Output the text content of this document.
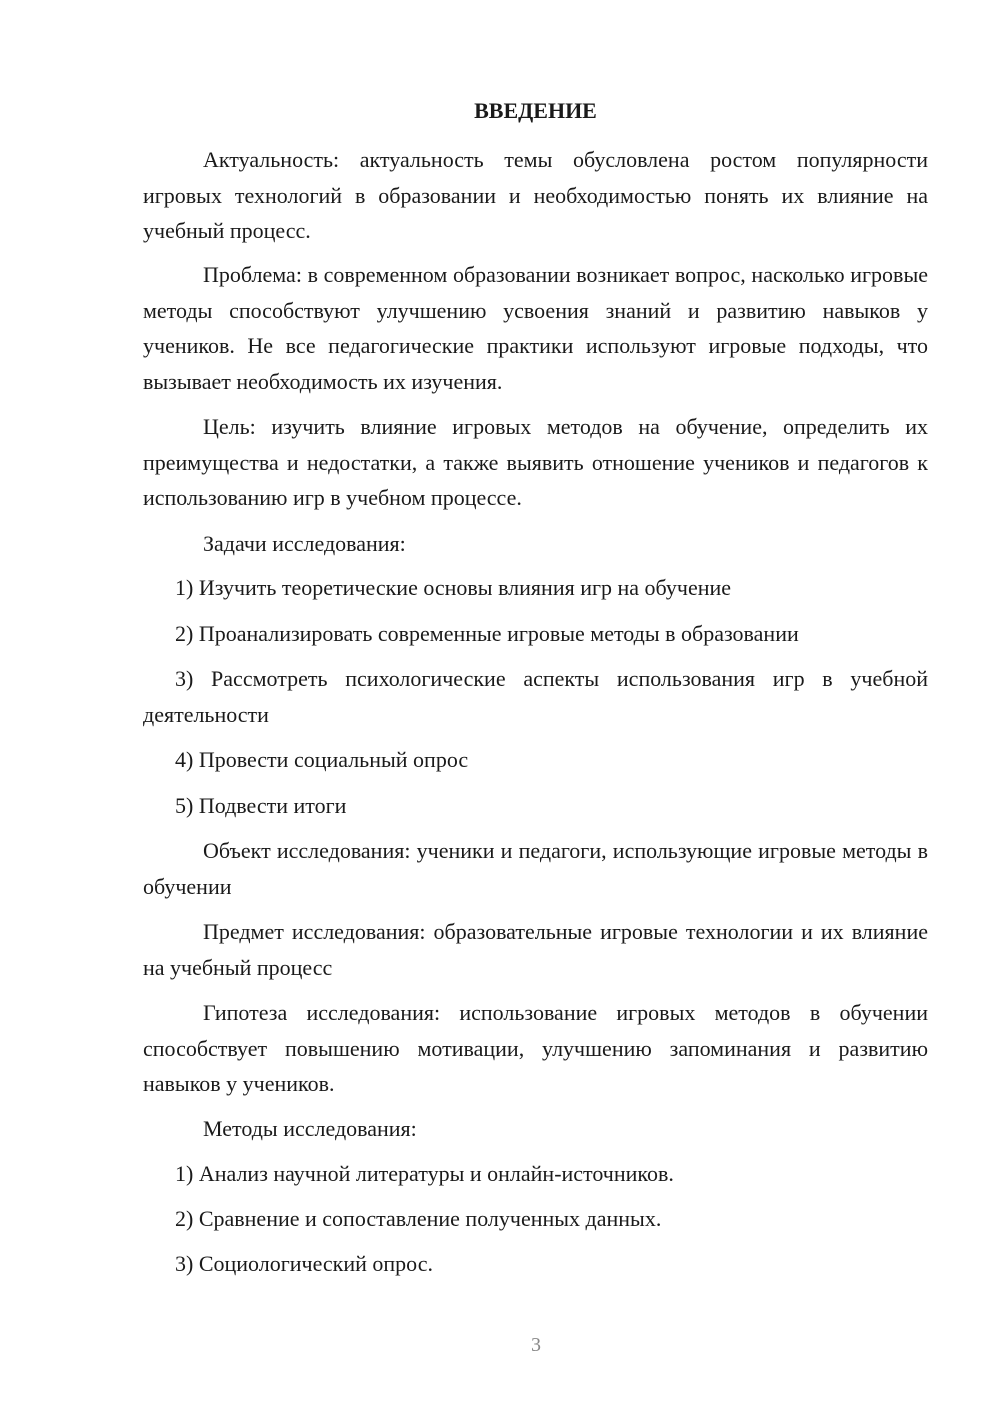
ВВЕДЕНИЕ

Актуальность: актуальность темы обусловлена ростом популярности игровых технологий в образовании и необходимостью понять их влияние на учебный процесс.

Проблема: в современном образовании возникает вопрос, насколько игровые методы способствуют улучшению усвоения знаний и развитию навыков у учеников. Не все педагогические практики используют игровые подходы, что вызывает необходимость их изучения.

Цель: изучить влияние игровых методов на обучение, определить их преимущества и недостатки, а также выявить отношение учеников и педагогов к использованию игр в учебном процессе.

Задачи исследования:

1) Изучить теоретические основы влияния игр на обучение

2) Проанализировать современные игровые методы в образовании

3) Рассмотреть психологические аспекты использования игр в учебной деятельности

4) Провести социальный опрос

5) Подвести итоги

Объект исследования: ученики и педагоги, использующие игровые методы в обучении

Предмет исследования: образовательные игровые технологии и их влияние на учебный процесс

Гипотеза исследования: использование игровых методов в обучении способствует повышению мотивации, улучшению запоминания и развитию навыков у учеников.

Методы исследования:

1) Анализ научной литературы и онлайн-источников.

2) Сравнение и сопоставление полученных данных.

3) Социологический опрос.

3
